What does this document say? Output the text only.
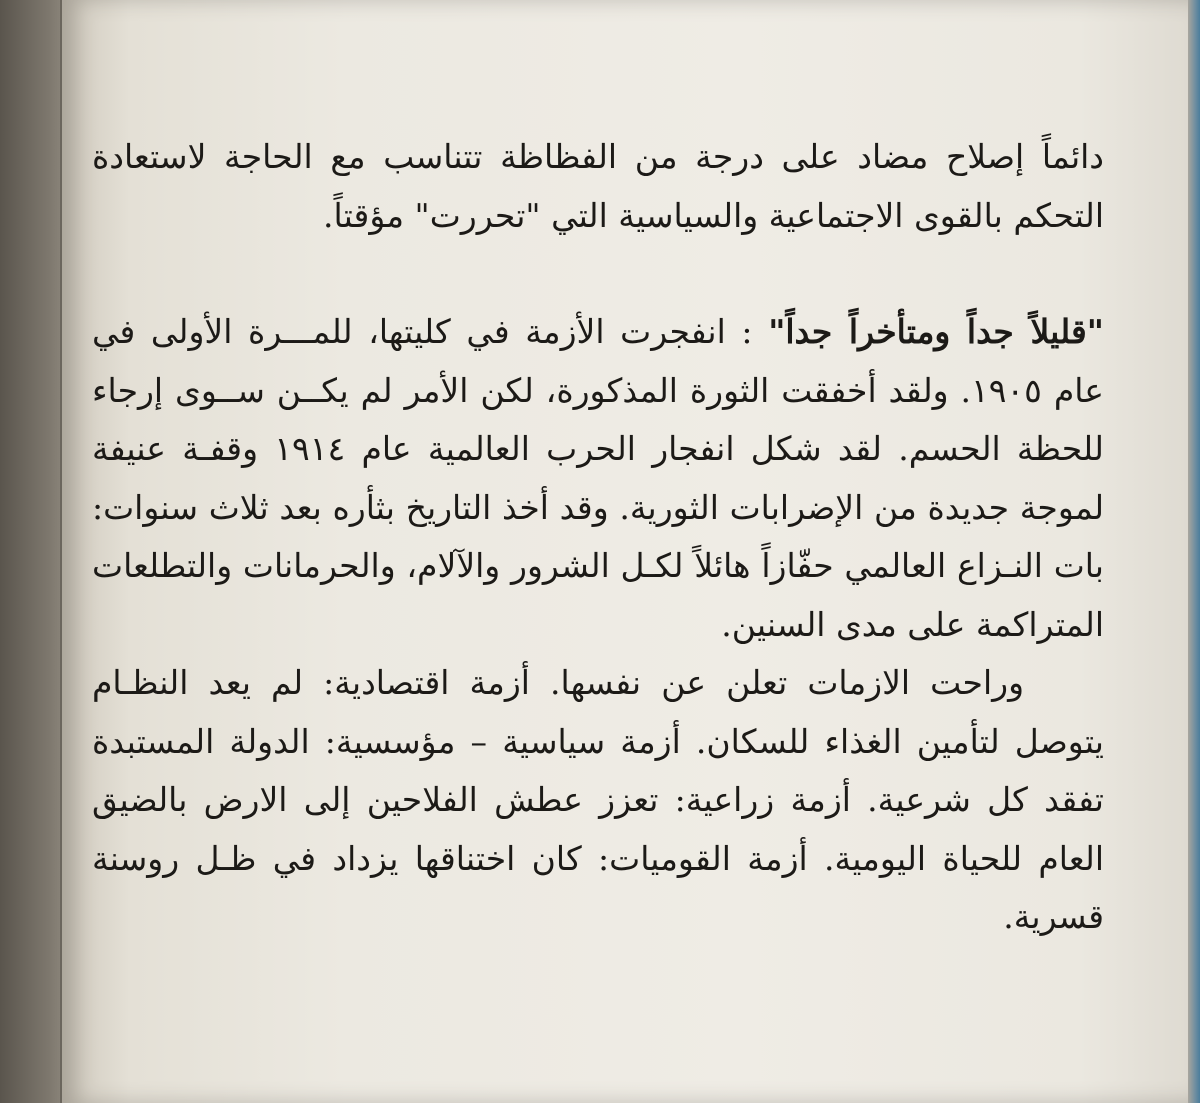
دائماً إصلاح مضاد على درجة من الفظاظة تتناسب مع الحاجة لاستعادة التحكم بالقوى الاجتماعية والسياسية التي "تحررت" مؤقتاً.

"قليلاً جداً ومتأخراً جداً" : انفجرت الأزمة في كليتها، للمـــرة الأولى في عام ١٩٠٥. ولقد أخفقت الثورة المذكورة، لكن الأمر لم يكــن ســوى إرجاء للحظة الحسم. لقد شكل انفجار الحرب العالمية عام ١٩١٤ وقفـة عنيفة لموجة جديدة من الإضرابات الثورية. وقد أخذ التاريخ بثأره بعد ثلاث سنوات: بات النـزاع العالمي حفّازاً هائلاً لكـل الشرور والآلام، والحرمانات والتطلعات المتراكمة على مدى السنين.

وراحت الازمات تعلن عن نفسها. أزمة اقتصادية: لم يعد النظـام يتوصل لتأمين الغذاء للسكان. أزمة سياسية – مؤسسية: الدولة المستبدة تفقد كل شرعية. أزمة زراعية: تعزز عطش الفلاحين إلى الارض بالضيق العام للحياة اليومية. أزمة القوميات: كان اختناقها يزداد في ظـل روسنة قسرية.
